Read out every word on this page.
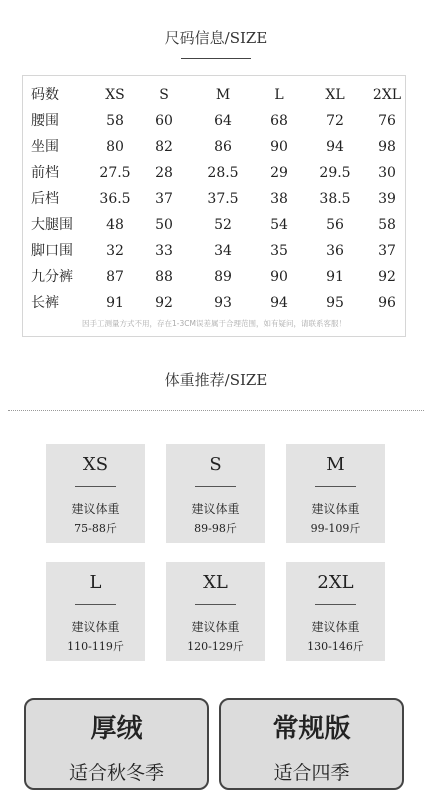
尺码信息/SIZE
因手工测量方式不用，存在1-3CM误差属于合理范围，如有疑问，请联系客服！
码数	XS	S	M	L	XL	2XL
腰围	58	60	64	68	72	76
坐围	80	82	86	90	94	98
前档	27.5	28	28.5	29	29.5	30
后档	36.5	37	37.5	38	38.5	39
大腿围	48	50	52	54	56	58
脚口围	32	33	34	35	36	37
九分裤	87	88	89	90	91	92
长裤	91	92	93	94	95	96
体重推荐/SIZE
XS
建议体重
75-88斤
S
建议体重
89-98斤
M
建议体重
99-109斤
L
建议体重
110-119斤
XL
建议体重
120-129斤
2XL
建议体重
130-146斤
厚绒
适合秋冬季
常规版
适合四季
